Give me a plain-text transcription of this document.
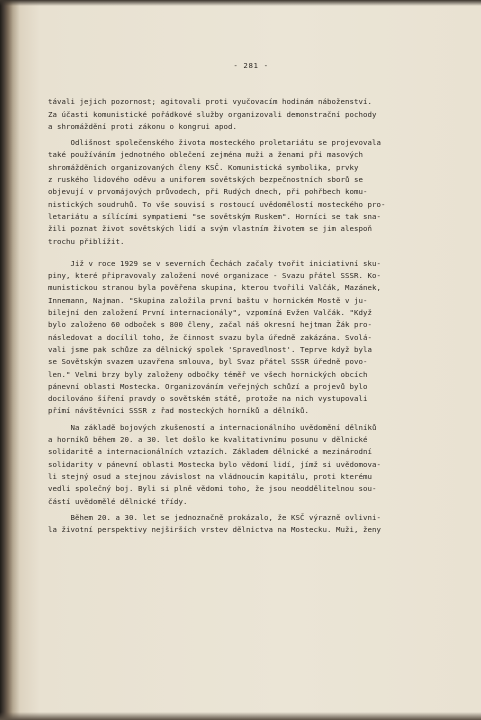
- 281 -
távali jejich pozornost; agitovali proti vyučovacím hodinám náboženství.
Za účasti komunistické pořádkové služby organizovali demonstrační pochody
a shromáždění proti zákonu o kongrui apod.
Odlišnost společenského života mosteckého proletariátu se projevovala
také používáním jednotného oblečení zejména muži a ženami při masových
shromážděních organizovaných členy KSČ. Komunistická symbolika, prvky
z ruského lidového oděvu a uniforem sovětských bezpečnostních sborů se
objevují v prvomájových průvodech, při Rudých dnech, při pohřbech komu-
nistických soudruhů. To vše souvisí s rostoucí uvědomělostí mosteckého pro-
letariátu a sílícími sympatiemi "se sovětským Ruskem". Horníci se tak sna-
žili poznat život sovětských lidí a svým vlastním životem se jim alespoň
trochu přiblížit.
Již v roce 1929 se v severních Čechách začaly tvořit iniciativní sku-
piny, které připravovaly založení nové organizace - Svazu přátel SSSR. Ko-
munistickou stranou byla pověřena skupina, kterou tvořili Valčák, Mazánek,
Innemann, Najman. "Skupina založila první baštu v hornickém Mostě v ju-
bilejní den založení První internacionály", vzpomíná Evžen Valčák. "Když
bylo založeno 60 odboček s 800 členy, začal náš okresní hejtman Žák pro-
následovat a docílil toho, že činnost svazu byla úředně zakázána. Svolá-
vali jsme pak schůze za dělnický spolek 'Spravedlnost'. Teprve když byla
se Sovětským svazem uzavřena smlouva, byl Svaz přátel SSSR úředně povo-
len." Velmi brzy byly založeny odbočky téměř ve všech hornických obcích
pánevní oblasti Mostecka. Organizováním veřejných schůzí a projevů bylo
docilováno šíření pravdy o sovětském státě, protože na nich vystupovali
přímí návštěvníci SSSR z řad mosteckých horníků a dělníků.
Na základě bojových zkušeností a internacionálního uvědomění dělníků
a horníků během 20. a 30. let došlo ke kvalitativnímu posunu v dělnické
solidaritě a internacionálních vztazích. Základem dělnické a mezinárodní
solidarity v pánevní oblasti Mostecka bylo vědomí lidí, jímž si uvědomova-
li stejný osud a stejnou závislost na vládnoucím kapitálu, proti kterému
vedli společný boj. Byli si plně vědomi toho, že jsou neoddělitelnou sou-
částí uvědomělé dělnické třídy.
Během 20. a 30. let se jednoznačně prokázalo, že KSČ výrazně ovlivni-
la životní perspektivy nejširších vrstev dělnictva na Mostecku. Muži, ženy
